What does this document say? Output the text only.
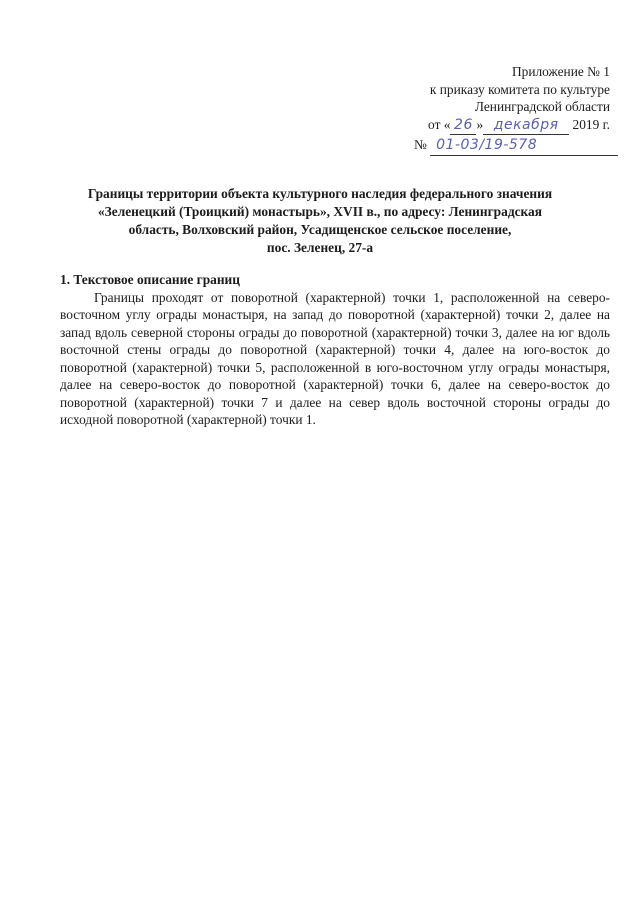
Приложение № 1
к приказу комитета по культуре
Ленинградской области
от « 26 » декабря 2019 г.
№ 01-03/19-578
Границы территории объекта культурного наследия федерального значения
«Зеленецкий (Троицкий) монастырь», XVII в., по адресу: Ленинградская
область, Волховский район, Усадищенское сельское поселение,
пос. Зеленец, 27-а
1. Текстовое описание границ
Границы проходят от поворотной (характерной) точки 1, расположенной на северо-восточном углу ограды монастыря, на запад до поворотной (характерной) точки 2, далее на запад вдоль северной стороны ограды до поворотной (характерной) точки 3, далее на юг вдоль восточной стены ограды до поворотной (характерной) точки 4, далее на юго-восток до поворотной (характерной) точки 5, расположенной в юго-восточном углу ограды монастыря, далее на северо-восток до поворотной (характерной) точки 6, далее на северо-восток до поворотной (характерной) точки 7 и далее на север вдоль восточной стороны ограды до исходной поворотной (характерной) точки 1.
